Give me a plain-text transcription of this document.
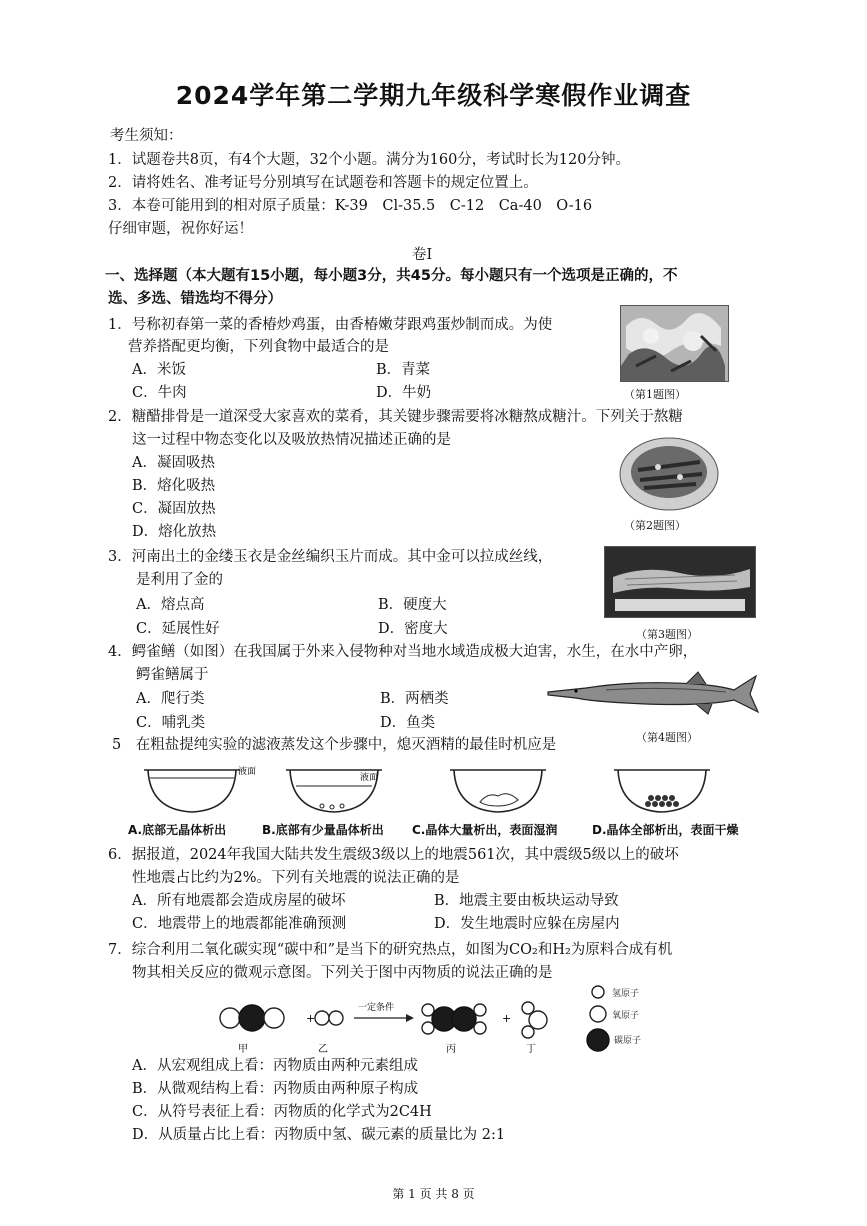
2024学年第二学期九年级科学寒假作业调查
考生须知：
1．试题卷共8页，有4个大题，32个小题。满分为160分，考试时长为120分钟。
2．请将姓名、准考证号分别填写在试题卷和答题卡的规定位置上。
3．本卷可能用到的相对原子质量：K-39　Cl-35.5　C-12　Ca-40　O-16
仔细审题，祝你好运！
卷Ⅰ
一、选择题（本大题有15小题，每小题3分，共45分。每小题只有一个选项是正确的，不
选、多选、错选均不得分）
1．号称初春第一菜的香椿炒鸡蛋，由香椿嫩芽跟鸡蛋炒制而成。为使
营养搭配更均衡，下列食物中最适合的是
A．米饭	B．青菜
C．牛肉	D．牛奶	（第1题图）
2．糖醋排骨是一道深受大家喜欢的菜肴，其关键步骤需要将冰糖熬成糖汁。下列关于熬糖
这一过程中物态变化以及吸放热情况描述正确的是
A．凝固吸热
B．熔化吸热
C．凝固放热
D．熔化放热	（第2题图）
3．河南出土的金缕玉衣是金丝编织玉片而成。其中金可以拉成丝线，
是利用了金的
A．熔点高	B．硬度大
C．延展性好	D．密度大	（第3题图）
4．鳄雀鳝（如图）在我国属于外来入侵物种对当地水域造成极大迫害，水生，在水中产卵，
鳄雀鳝属于
A．爬行类	B．两栖类
C．哺乳类	D．鱼类
（第4题图）
5　在粗盐提纯实验的滤液蒸发这个步骤中，熄灭酒精的最佳时机应是
液面
液面
A.底部无晶体析出	B.底部有少量晶体析出 C.晶体大量析出，表面湿润	D.晶体全部析出，表面干燥
6．据报道，2024年我国大陆共发生震级3级以上的地震561次，其中震级5级以上的破坏
性地震占比约为2%。下列有关地震的说法正确的是
A．所有地震都会造成房屋的破坏	B．地震主要由板块运动导致
C．地震带上的地震都能准确预测	D．发生地震时应躲在房屋内
7．综合利用二氧化碳实现“碳中和”是当下的研究热点，如图为CO₂和H₂为原料合成有机
物其相关反应的微观示意图。下列关于图中丙物质的说法正确的是
+
一定条件
+
甲	乙	丙	丁
氢原子
氧原子
碳原子
A．从宏观组成上看：丙物质由两种元素组成
B．从微观结构上看：丙物质由两种原子构成
C．从符号表征上看：丙物质的化学式为2C4H
D．从质量占比上看：丙物质中氢、碳元素的质量比为 2:1
第 1 页 共 8 页
